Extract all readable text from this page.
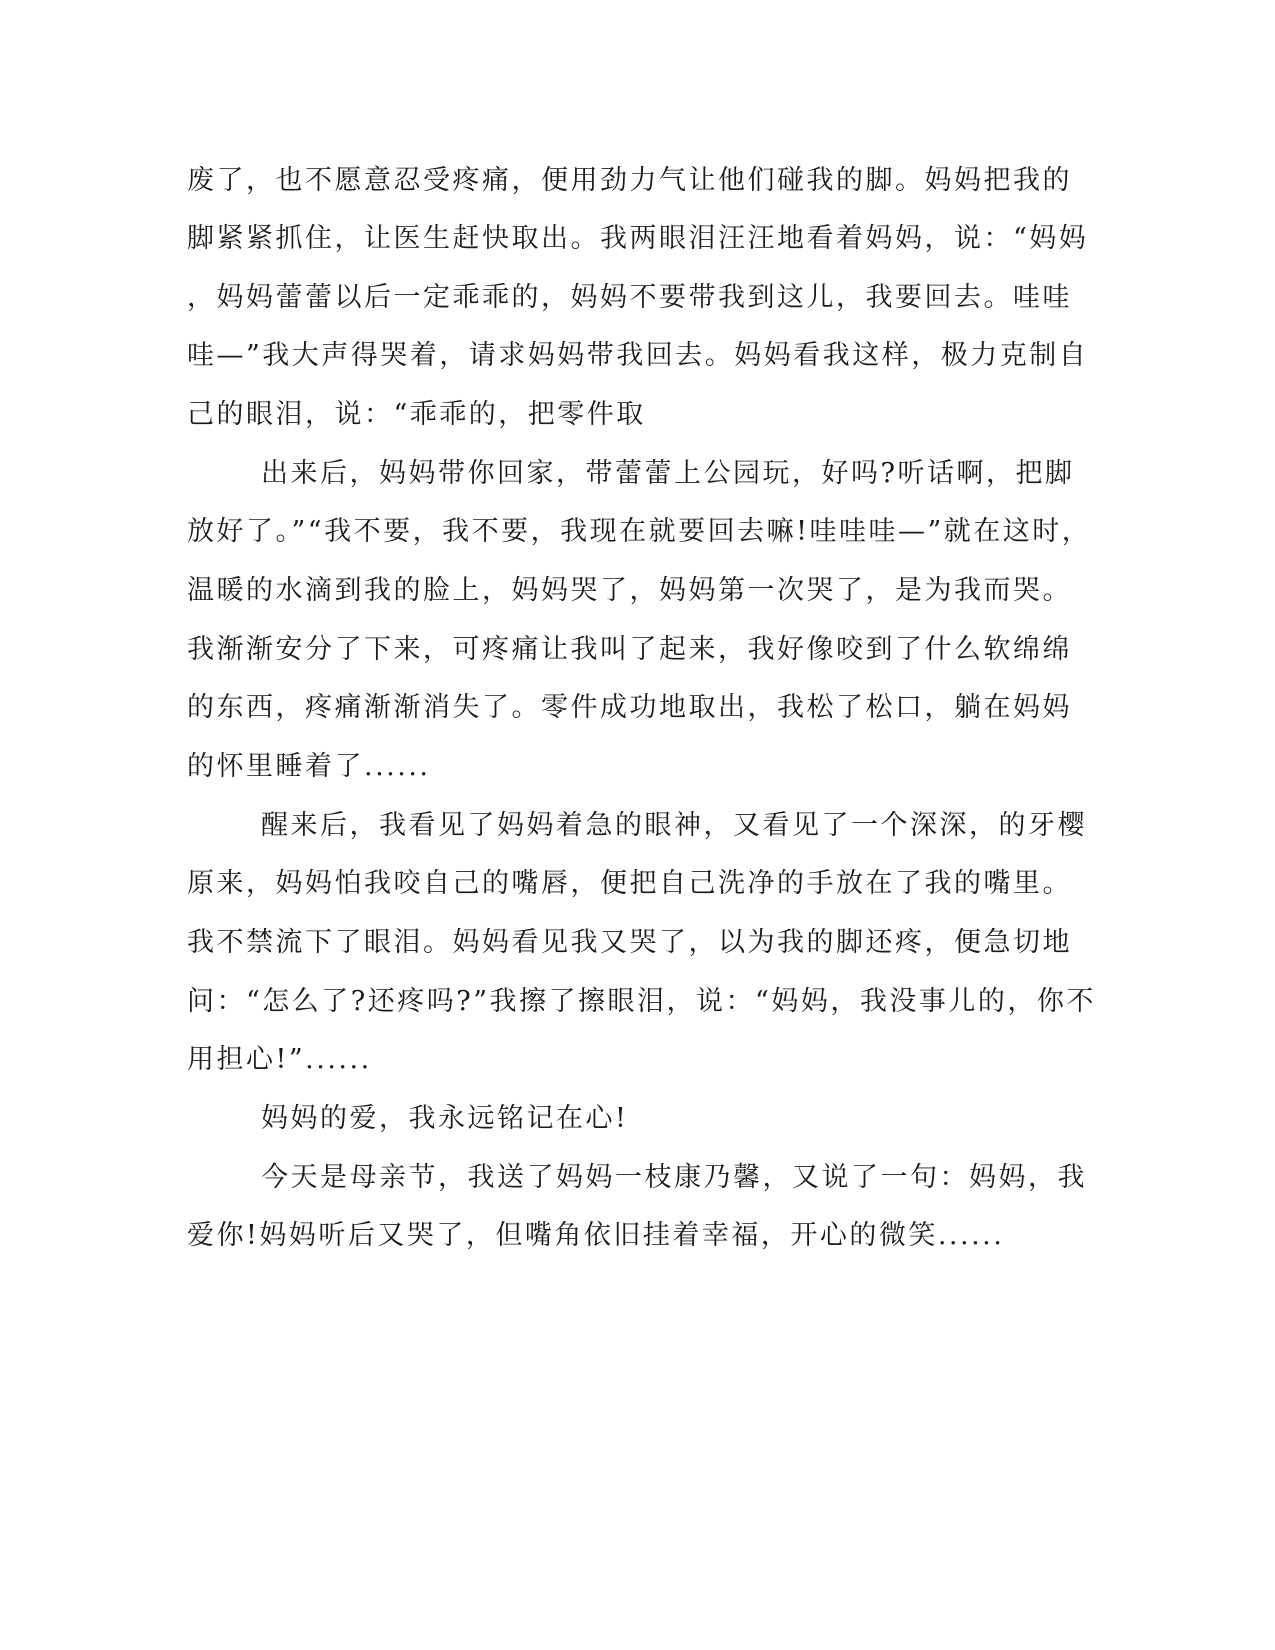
废了，也不愿意忍受疼痛，便用劲力气让他们碰我的脚。妈妈把我的
脚紧紧抓住，让医生赶快取出。我两眼泪汪汪地看着妈妈，说：“妈妈
，妈妈蕾蕾以后一定乖乖的，妈妈不要带我到这儿，我要回去。哇哇
哇—”我大声得哭着，请求妈妈带我回去。妈妈看我这样，极力克制自
己的眼泪，说：“乖乖的，把零件取
出来后，妈妈带你回家，带蕾蕾上公园玩，好吗?听话啊，把脚
放好了。”“我不要，我不要，我现在就要回去嘛!哇哇哇—”就在这时，
温暖的水滴到我的脸上，妈妈哭了，妈妈第一次哭了，是为我而哭。
我渐渐安分了下来，可疼痛让我叫了起来，我好像咬到了什么软绵绵
的东西，疼痛渐渐消失了。零件成功地取出，我松了松口，躺在妈妈
的怀里睡着了......
醒来后，我看见了妈妈着急的眼神，又看见了一个深深，的牙樱
原来，妈妈怕我咬自己的嘴唇，便把自己洗净的手放在了我的嘴里。
我不禁流下了眼泪。妈妈看见我又哭了，以为我的脚还疼，便急切地
问：“怎么了?还疼吗?”我擦了擦眼泪，说：“妈妈，我没事儿的，你不
用担心!”......
妈妈的爱，我永远铭记在心!
今天是母亲节，我送了妈妈一枝康乃馨，又说了一句：妈妈，我
爱你!妈妈听后又哭了，但嘴角依旧挂着幸福，开心的微笑......
